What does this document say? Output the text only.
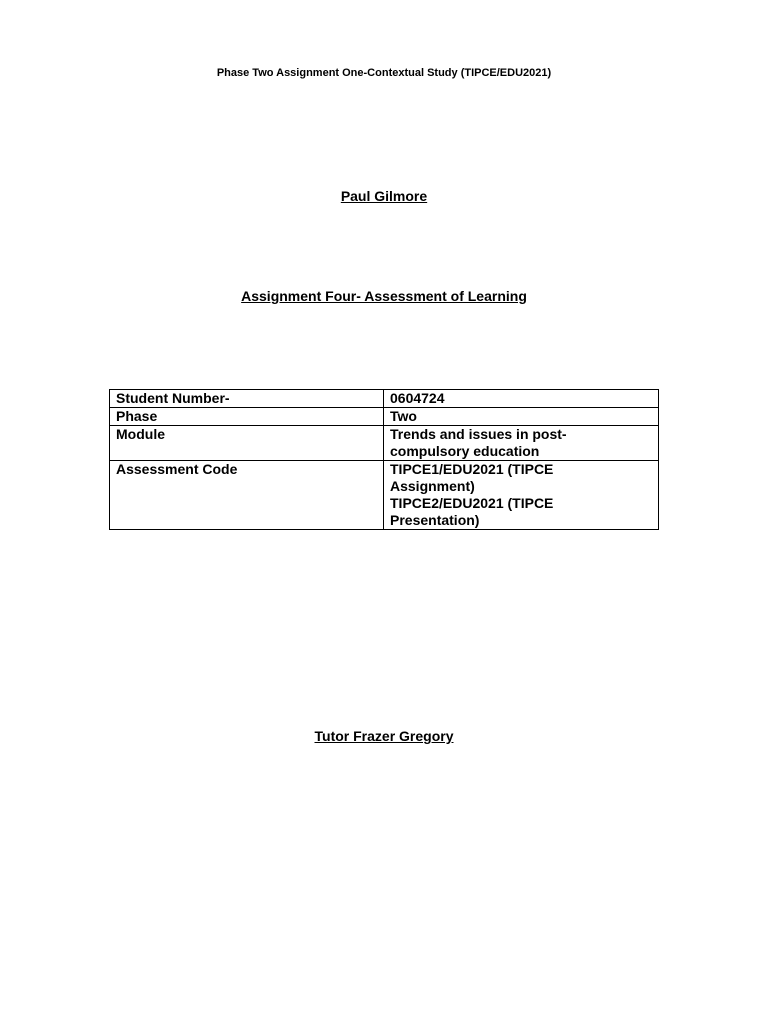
Phase Two Assignment One-Contextual Study (TIPCE/EDU2021)
Paul Gilmore
Assignment Four- Assessment of Learning
Student Number-	0604724

Phase	Two

Module	Trends and issues in post-
compulsory education

Assessment Code	TIPCE1/EDU2021 (TIPCE
Assignment)
TIPCE2/EDU2021 (TIPCE
Presentation)
Tutor Frazer Gregory
